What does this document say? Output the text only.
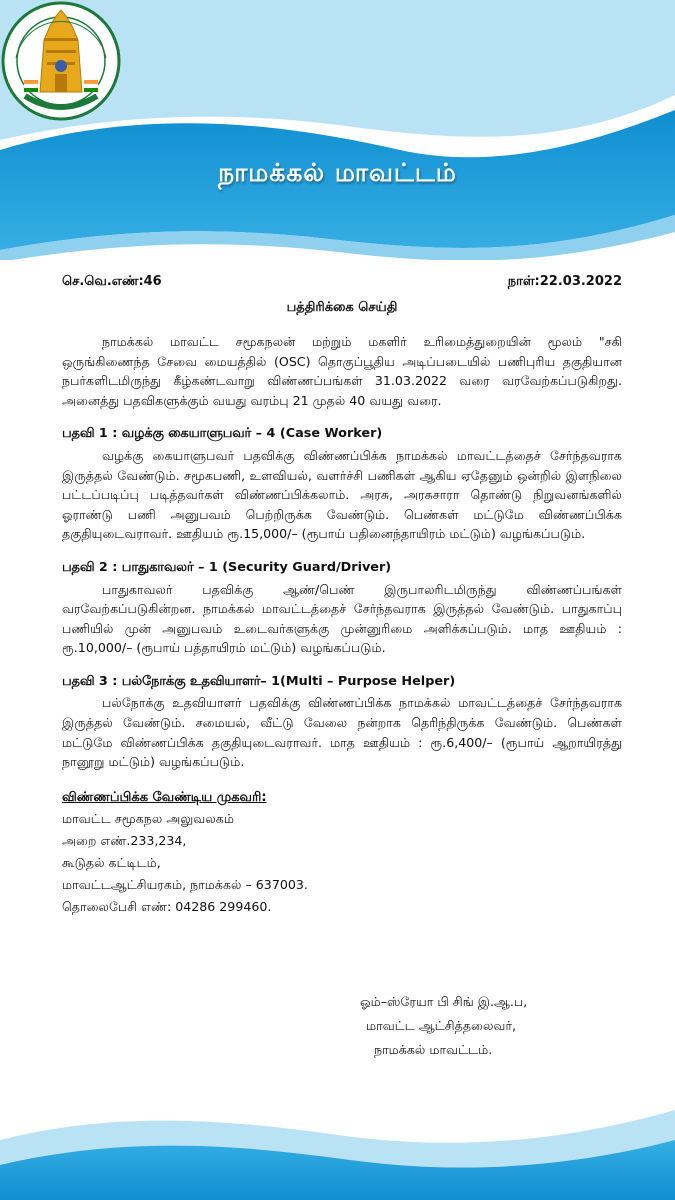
நாமக்கல் மாவட்டம்
செ.வெ.எண்:46	நாள்:22.03.2022
பத்திரிக்கை செய்தி

நாமக்கல் மாவட்ட சமூகநலன் மற்றும் மகளிர் உரிமைத்துறையின் மூலம் "சகி ஒருங்கிணைந்த சேவை மையத்தில் (OSC) தொகுப்பூதிய அடிப்படையில் பணிபுரிய தகுதியான நபர்களிடமிருந்து கீழ்கண்டவாறு விண்ணப்பங்கள் 31.03.2022 வரை வரவேற்கப்படுகிறது. அனைத்து பதவிகளுக்கும் வயது வரம்பு 21 முதல் 40 வயது வரை.

பதவி 1 : வழக்கு கையாளுபவர் – 4 (Case Worker)

வழக்கு கையாளுபவர் பதவிக்கு விண்ணப்பிக்க நாமக்கல் மாவட்டத்தைச் சேர்ந்தவராக இருத்தல் வேண்டும். சமூகபணி, உளவியல், வளர்ச்சி பணிகள் ஆகிய ஏதேனும் ஒன்றில் இளநிலை பட்டப்படிப்பு படித்தவர்கள் விண்ணப்பிக்கலாம். அரசு, அரசுசாரா தொண்டு நிறுவனங்களில் ஓராண்டு பணி அனுபவம் பெற்றிருக்க வேண்டும். பெண்கள் மட்டுமே விண்ணப்பிக்க தகுதியுடைவராவர். ஊதியம் ரூ.15,000/– (ரூபாய் பதினைந்தாயிரம் மட்டும்) வழங்கப்படும்.

பதவி 2 : பாதுகாவலர் – 1 (Security Guard/Driver)

பாதுகாவலர் பதவிக்கு ஆண்/பெண் இருபாலரிடமிருந்து விண்ணப்பங்கள் வரவேற்கப்படுகின்றன. நாமக்கல் மாவட்டத்தைச் சேர்ந்தவராக இருத்தல் வேண்டும். பாதுகாப்பு பணியில் முன் அனுபவம் உடைவர்களுக்கு முன்னுரிமை அளிக்கப்படும். மாத ஊதியம் : ரூ.10,000/– (ரூபாய் பத்தாயிரம் மட்டும்) வழங்கப்படும்.

பதவி 3 : பல்நோக்கு உதவியாளர்– 1(Multi – Purpose Helper)

பல்நோக்கு உதவியாளர் பதவிக்கு விண்ணப்பிக்க நாமக்கல் மாவட்டத்தைச் சேர்ந்தவராக இருத்தல் வேண்டும். சமையல், வீட்டு வேலை நன்றாக தெரிந்திருக்க வேண்டும். பெண்கள் மட்டுமே விண்ணப்பிக்க தகுதியுடைவராவர். மாத ஊதியம் : ரூ.6,400/– (ரூபாய் ஆறாயிரத்து நானூறு மட்டும்) வழங்கப்படும்.

விண்ணப்பிக்க வேண்டிய முகவரி:

மாவட்ட சமூகநல அலுவலகம்

அறை எண்.233,234,

கூடுதல் கட்டிடம்,

மாவட்டஆட்சியரகம், நாமக்கல் – 637003.

தொலைபேசி எண்: 04286 299460.

ஓம்–ஸ்ரேயா பி சிங் இ.ஆ.ப,
மாவட்ட ஆட்சித்தலைவர்,
நாமக்கல் மாவட்டம்.
